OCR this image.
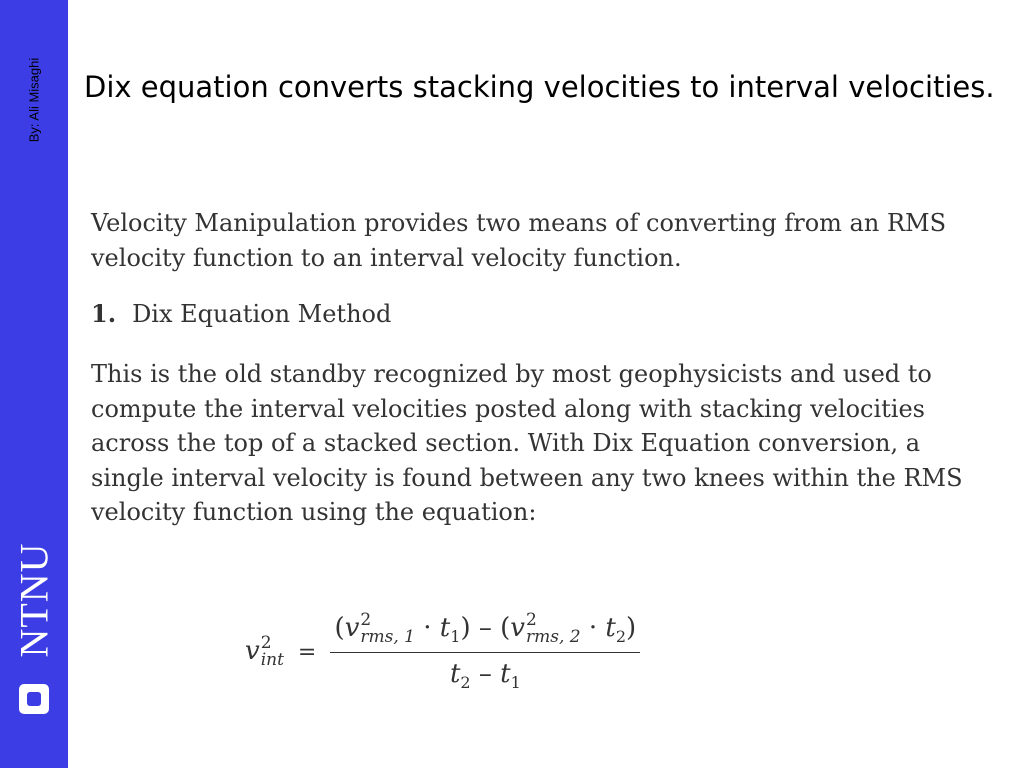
By: Ali Misaghi
NTNU
Dix equation converts stacking velocities to interval velocities.

Velocity Manipulation provides two means of converting from an RMS velocity function to an interval velocity function.

1. Dix Equation Method

This is the old standby recognized by most geophysicists and used to compute the interval velocities posted along with stacking velocities across the top of a stacked section. With Dix Equation conversion, a single interval velocity is found between any two knees within the RMS velocity function using the equation:

v 2
int =
(v 2
rms, $1 \cdot t_1) - (v$ 2
rms, $2 \cdot t_2$)
$t_2 - t_1$
